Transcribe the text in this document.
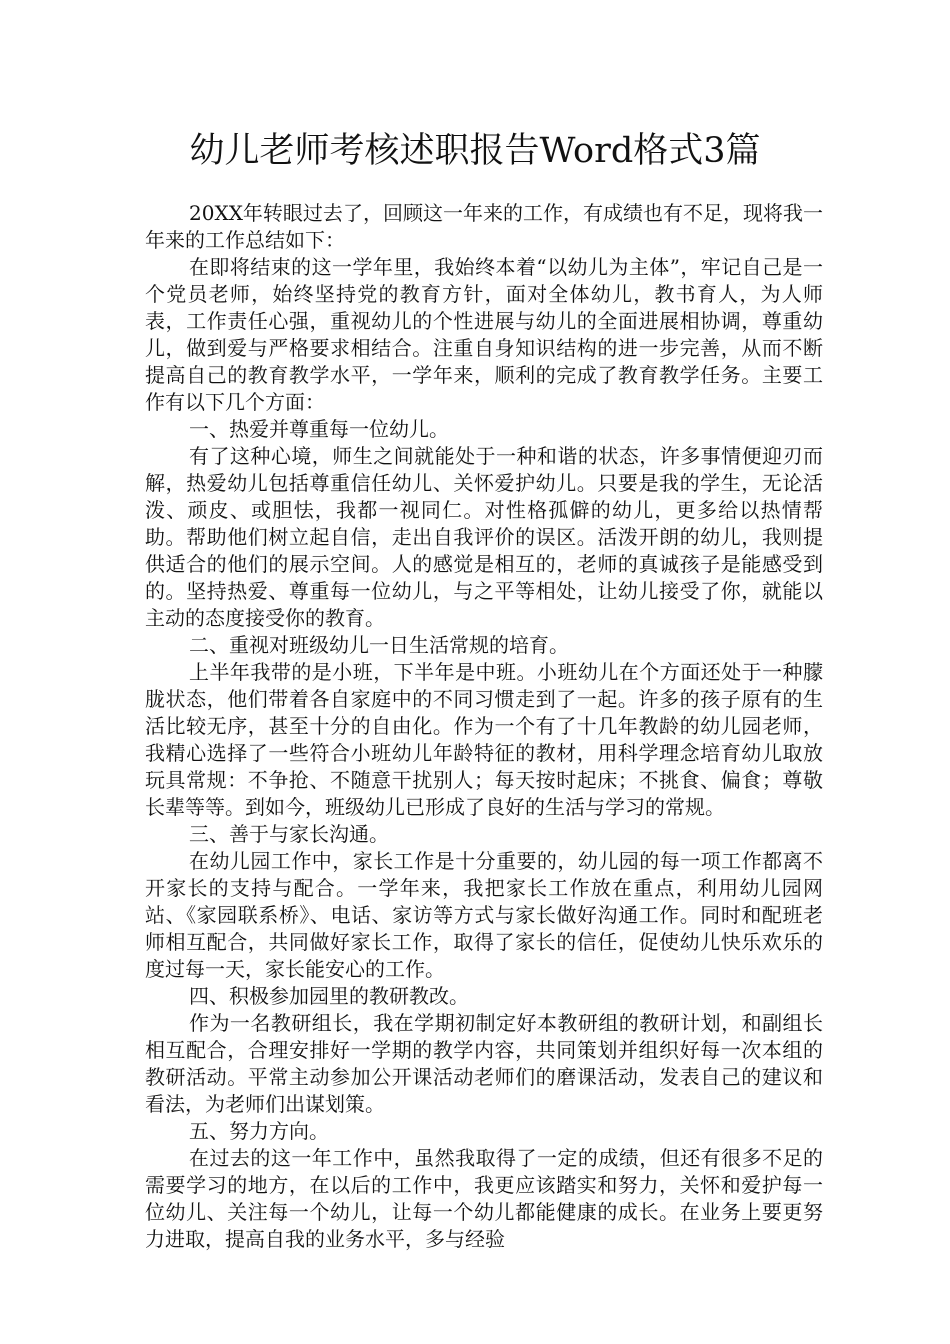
幼儿老师考核述职报告Word格式3篇

20XX年转眼过去了，回顾这一年来的工作，有成绩也有不足，现将我一年来的工作总结如下：

在即将结束的这一学年里，我始终本着“以幼儿为主体”，牢记自己是一个党员老师，始终坚持党的教育方针，面对全体幼儿，教书育人，为人师表，工作责任心强，重视幼儿的个性进展与幼儿的全面进展相协调，尊重幼儿，做到爱与严格要求相结合。注重自身知识结构的进一步完善，从而不断提高自己的教育教学水平，一学年来，顺利的完成了教育教学任务。主要工作有以下几个方面：

一、热爱并尊重每一位幼儿。

有了这种心境，师生之间就能处于一种和谐的状态，许多事情便迎刃而解，热爱幼儿包括尊重信任幼儿、关怀爱护幼儿。只要是我的学生，无论活泼、顽皮、或胆怯，我都一视同仁。对性格孤僻的幼儿，更多给以热情帮助。帮助他们树立起自信，走出自我评价的误区。活泼开朗的幼儿，我则提供适合的他们的展示空间。人的感觉是相互的，老师的真诚孩子是能感受到的。坚持热爱、尊重每一位幼儿，与之平等相处，让幼儿接受了你，就能以主动的态度接受你的教育。

二、重视对班级幼儿一日生活常规的培育。

上半年我带的是小班，下半年是中班。小班幼儿在个方面还处于一种朦胧状态，他们带着各自家庭中的不同习惯走到了一起。许多的孩子原有的生活比较无序，甚至十分的自由化。作为一个有了十几年教龄的幼儿园老师，我精心选择了一些符合小班幼儿年龄特征的教材，用科学理念培育幼儿取放玩具常规：不争抢、不随意干扰别人；每天按时起床；不挑食、偏食；尊敬长辈等等。到如今，班级幼儿已形成了良好的生活与学习的常规。

三、善于与家长沟通。

在幼儿园工作中，家长工作是十分重要的，幼儿园的每一项工作都离不开家长的支持与配合。一学年来，我把家长工作放在重点，利用幼儿园网站、《家园联系桥》、电话、家访等方式与家长做好沟通工作。同时和配班老师相互配合，共同做好家长工作，取得了家长的信任，促使幼儿快乐欢乐的度过每一天，家长能安心的工作。

四、积极参加园里的教研教改。

作为一名教研组长，我在学期初制定好本教研组的教研计划，和副组长相互配合，合理安排好一学期的教学内容，共同策划并组织好每一次本组的教研活动。平常主动参加公开课活动老师们的磨课活动，发表自己的建议和看法，为老师们出谋划策。

五、努力方向。

在过去的这一年工作中，虽然我取得了一定的成绩，但还有很多不足的需要学习的地方，在以后的工作中，我更应该踏实和努力，关怀和爱护每一位幼儿、关注每一个幼儿，让每一个幼儿都能健康的成长。在业务上要更努力进取，提高自我的业务水平，多与经验
